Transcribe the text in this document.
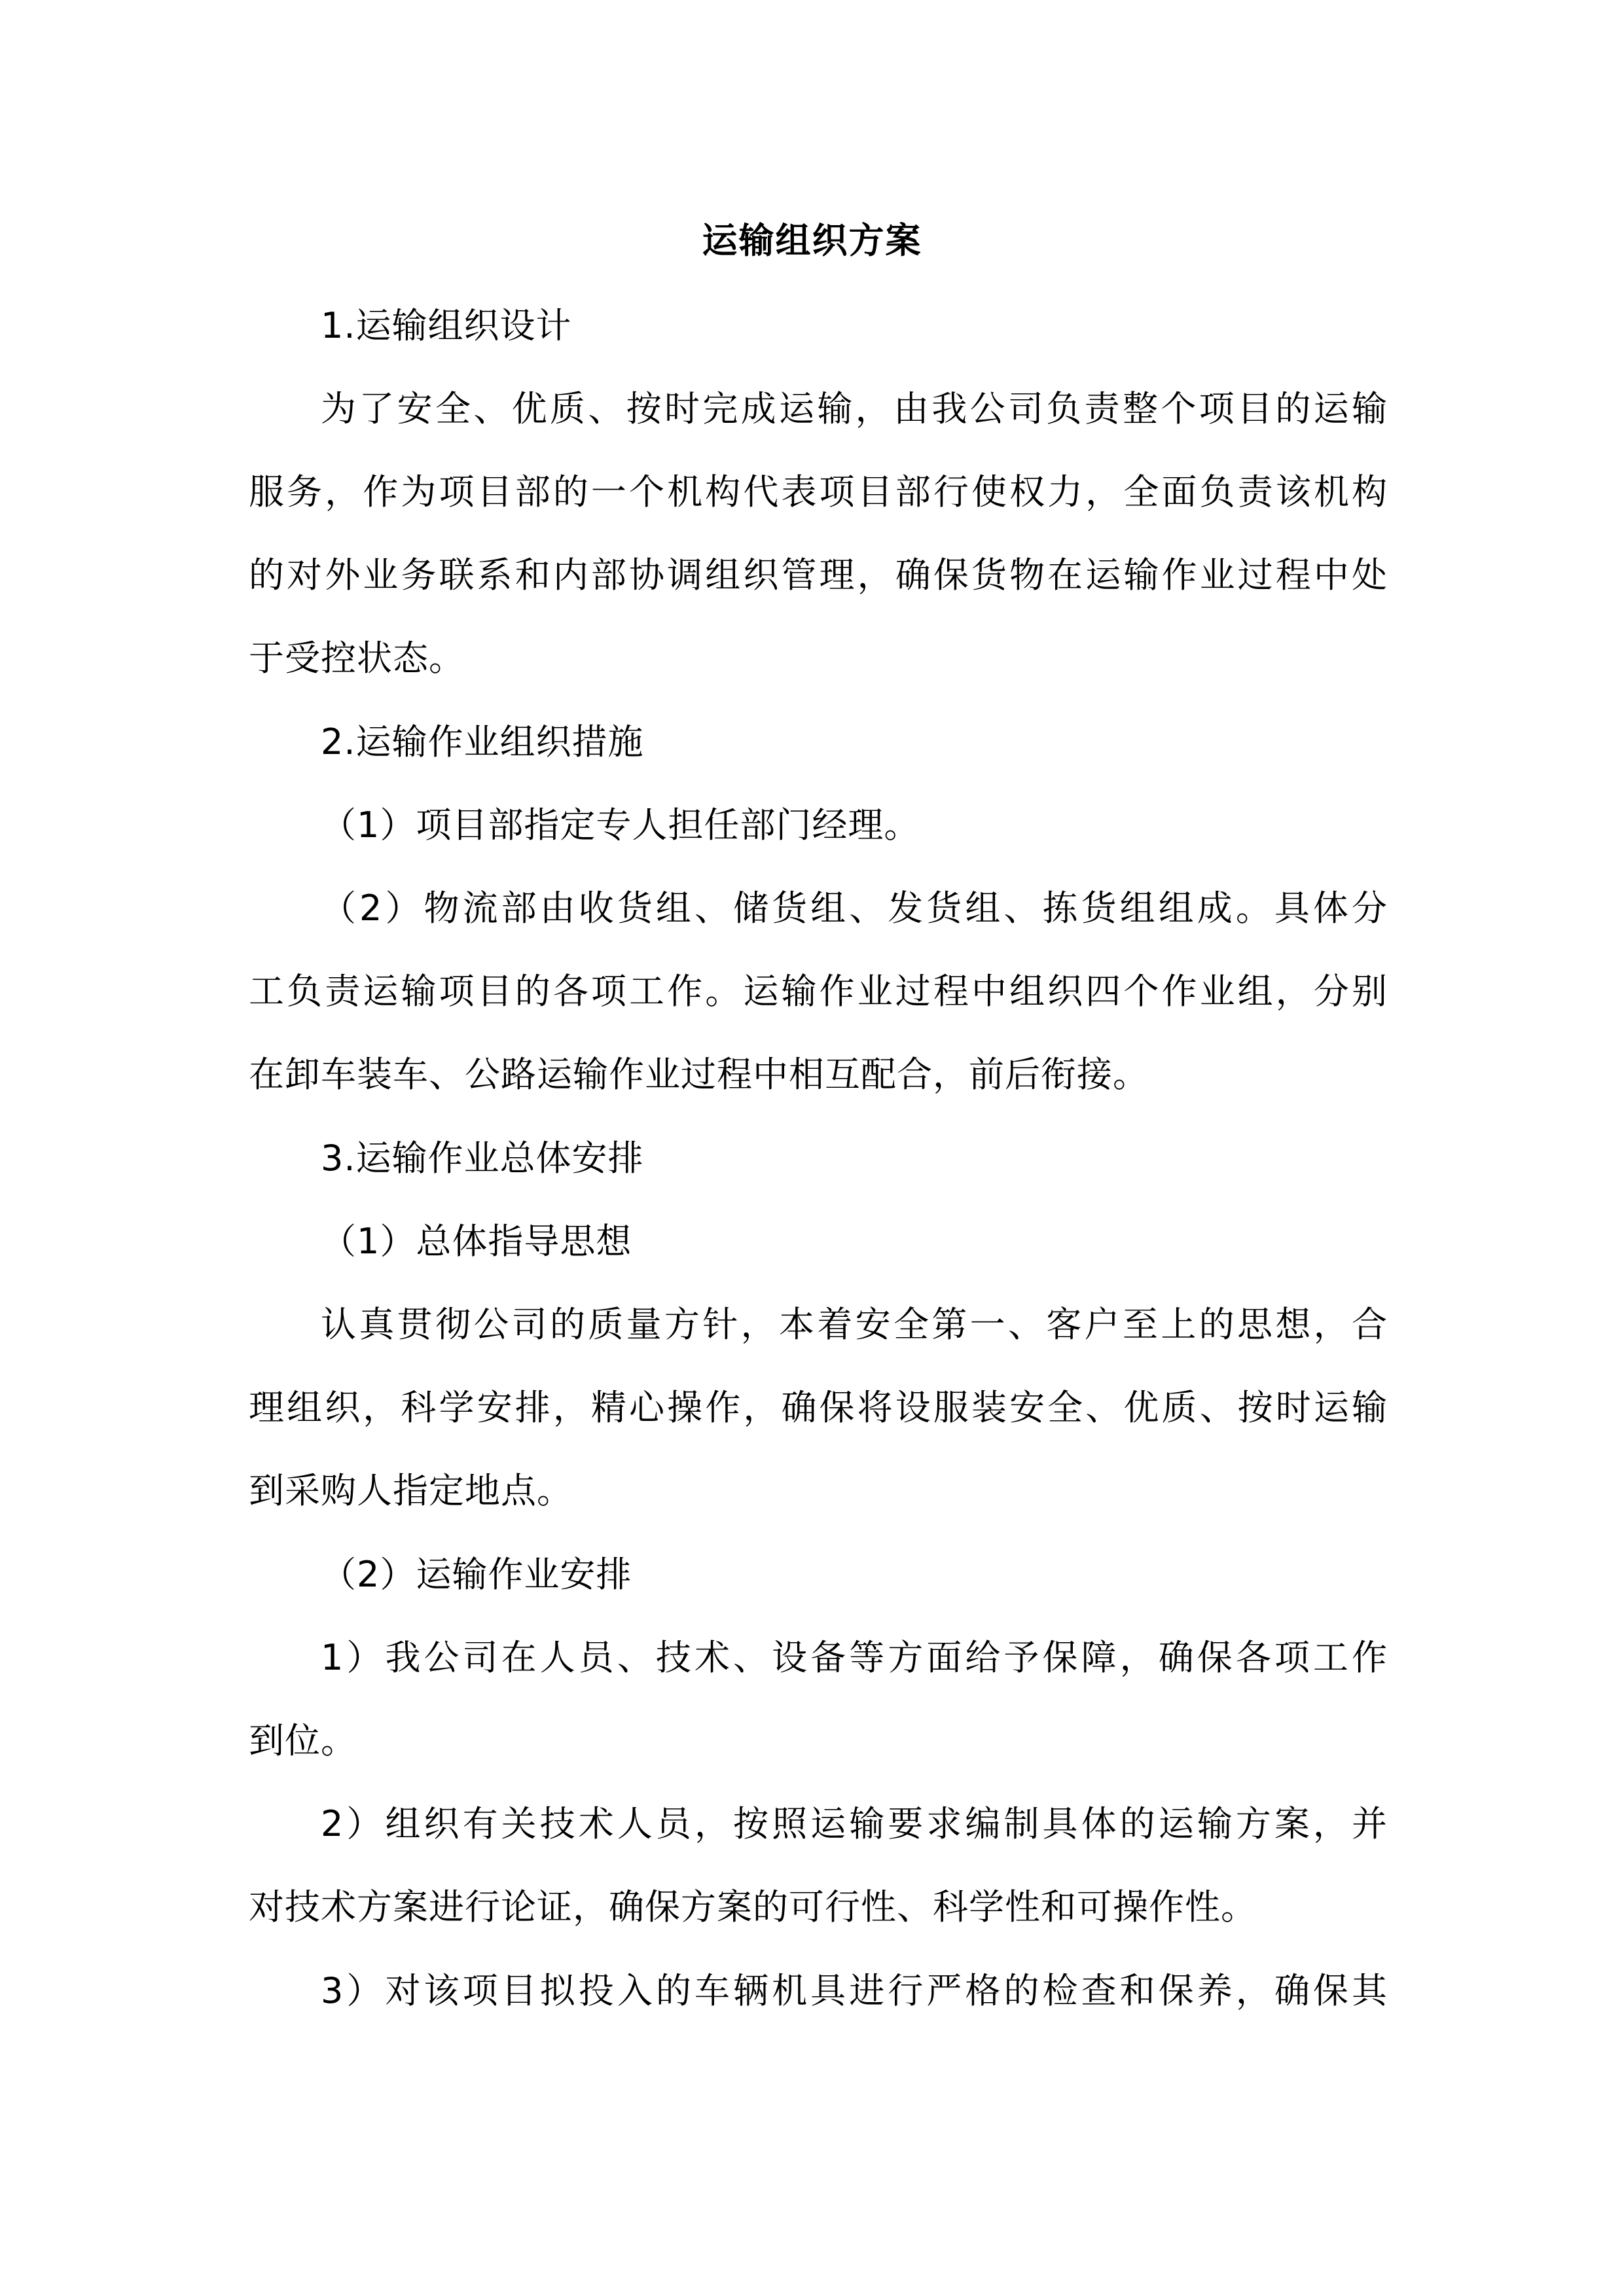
运输组织方案
1.运输组织设计
为了安全、优质、按时完成运输，由我公司负责整个项目的运输
服务，作为项目部的一个机构代表项目部行使权力，全面负责该机构
的对外业务联系和内部协调组织管理，确保货物在运输作业过程中处
于受控状态。
2.运输作业组织措施
（1）项目部指定专人担任部门经理。
（2）物流部由收货组、储货组、发货组、拣货组组成。具体分
工负责运输项目的各项工作。运输作业过程中组织四个作业组，分别
在卸车装车、公路运输作业过程中相互配合，前后衔接。
3.运输作业总体安排
（1）总体指导思想
认真贯彻公司的质量方针，本着安全第一、客户至上的思想，合
理组织，科学安排，精心操作，确保将设服装安全、优质、按时运输
到采购人指定地点。
（2）运输作业安排
1）我公司在人员、技术、设备等方面给予保障，确保各项工作
到位。
2）组织有关技术人员，按照运输要求编制具体的运输方案，并
对技术方案进行论证，确保方案的可行性、科学性和可操作性。
3）对该项目拟投入的车辆机具进行严格的检查和保养，确保其
